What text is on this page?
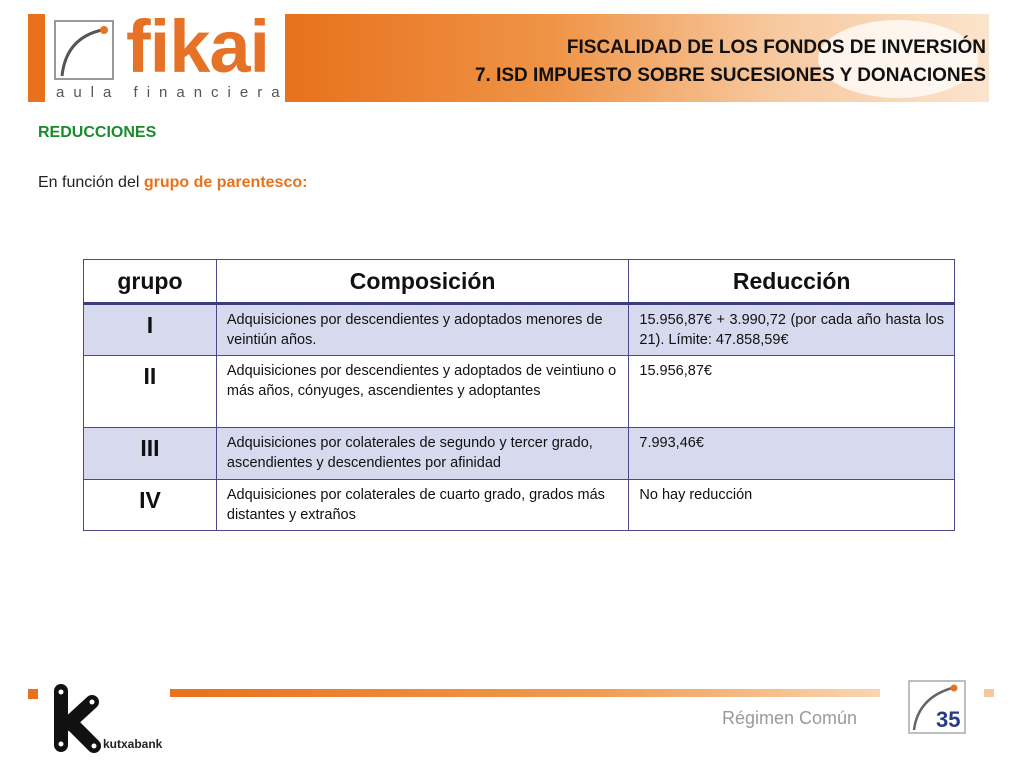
fikai
aula financiera
FISCALIDAD DE LOS FONDOS DE INVERSIÓN
7. ISD IMPUESTO SOBRE SUCESIONES Y DONACIONES
REDUCCIONES
En función del grupo de parentesco:
grupo	Composición	Reducción
I	Adquisiciones por descendientes y adoptados menores de veintiún años.	15.956,87€ + 3.990,72 (por cada año hasta los 21). Límite: 47.858,59€
II	Adquisiciones por descendientes y adoptados de veintiuno o más años, cónyuges, ascendientes y adoptantes	15.956,87€
III	Adquisiciones por colaterales de segundo y tercer grado, ascendientes y descendientes por afinidad	7.993,46€
IV	Adquisiciones por colaterales de cuarto grado, grados más distantes y extraños	No hay reducción
kutxabank
Régimen Común	35
